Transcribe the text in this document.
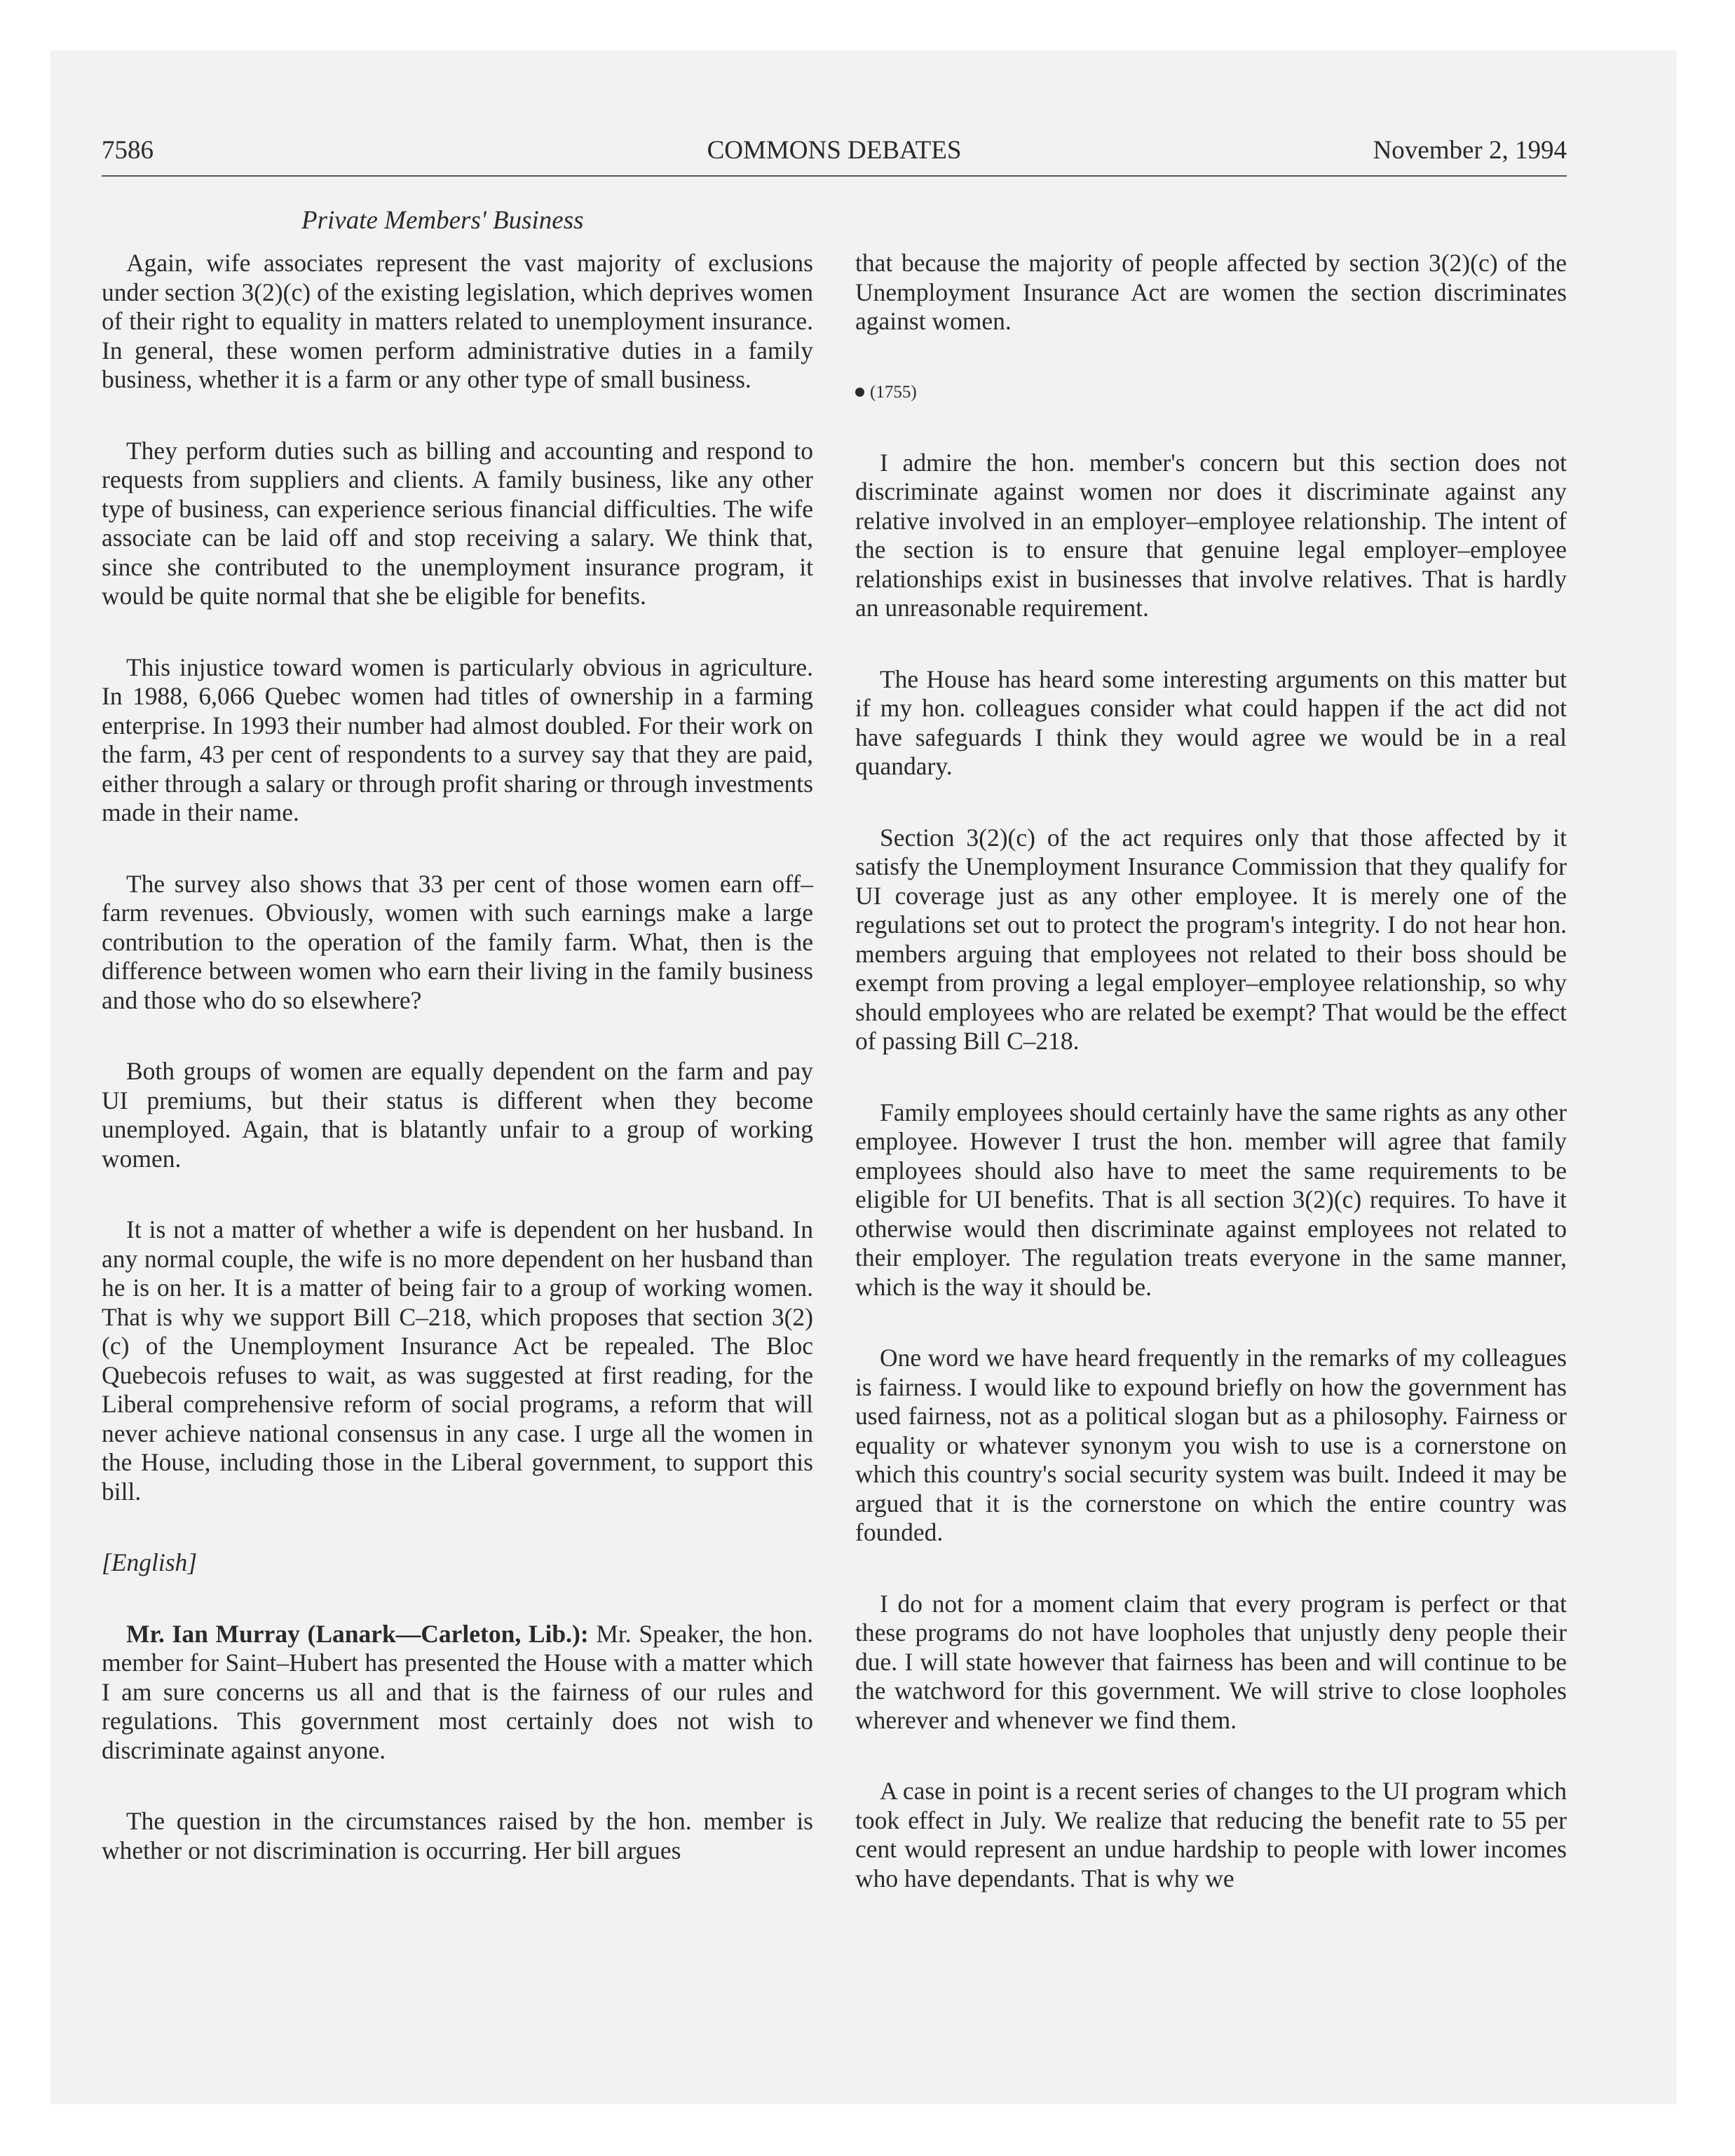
7586	COMMONS DEBATES	November 2, 1994
Private Members' Business

Again, wife associates represent the vast majority of exclusions under section 3(2)(c) of the existing legislation, which deprives women of their right to equality in matters related to unemployment insurance. In general, these women perform administrative duties in a family business, whether it is a farm or any other type of small business.

They perform duties such as billing and accounting and respond to requests from suppliers and clients. A family business, like any other type of business, can experience serious financial difficulties. The wife associate can be laid off and stop receiving a salary. We think that, since she contributed to the unemployment insurance program, it would be quite normal that she be eligible for benefits.

This injustice toward women is particularly obvious in agriculture. In 1988, 6,066 Quebec women had titles of ownership in a farming enterprise. In 1993 their number had almost doubled. For their work on the farm, 43 per cent of respondents to a survey say that they are paid, either through a salary or through profit sharing or through investments made in their name.

The survey also shows that 33 per cent of those women earn off–farm revenues. Obviously, women with such earnings make a large contribution to the operation of the family farm. What, then is the difference between women who earn their living in the family business and those who do so elsewhere?

Both groups of women are equally dependent on the farm and pay UI premiums, but their status is different when they become unemployed. Again, that is blatantly unfair to a group of working women.

It is not a matter of whether a wife is dependent on her husband. In any normal couple, the wife is no more dependent on her husband than he is on her. It is a matter of being fair to a group of working women. That is why we support Bill C–218, which proposes that section 3(2)(c) of the Unemployment Insurance Act be repealed. The Bloc Quebecois refuses to wait, as was suggested at first reading, for the Liberal comprehensive reform of social programs, a reform that will never achieve national consensus in any case. I urge all the women in the House, including those in the Liberal government, to support this bill.

[English]

Mr. Ian Murray (Lanark—Carleton, Lib.): Mr. Speaker, the hon. member for Saint–Hubert has presented the House with a matter which I am sure concerns us all and that is the fairness of our rules and regulations. This government most certainly does not wish to discriminate against anyone.

The question in the circumstances raised by the hon. member is whether or not discrimination is occurring. Her bill argues

that because the majority of people affected by section 3(2)(c) of the Unemployment Insurance Act are women the section discriminates against women.

(1755)

I admire the hon. member's concern but this section does not discriminate against women nor does it discriminate against any relative involved in an employer–employee relationship. The intent of the section is to ensure that genuine legal employer–employee relationships exist in businesses that involve relatives. That is hardly an unreasonable requirement.

The House has heard some interesting arguments on this matter but if my hon. colleagues consider what could happen if the act did not have safeguards I think they would agree we would be in a real quandary.

Section 3(2)(c) of the act requires only that those affected by it satisfy the Unemployment Insurance Commission that they qualify for UI coverage just as any other employee. It is merely one of the regulations set out to protect the program's integrity. I do not hear hon. members arguing that employees not related to their boss should be exempt from proving a legal employer–employee relationship, so why should employees who are related be exempt? That would be the effect of passing Bill C–218.

Family employees should certainly have the same rights as any other employee. However I trust the hon. member will agree that family employees should also have to meet the same requirements to be eligible for UI benefits. That is all section 3(2)(c) requires. To have it otherwise would then discriminate against employees not related to their employer. The regulation treats everyone in the same manner, which is the way it should be.

One word we have heard frequently in the remarks of my colleagues is fairness. I would like to expound briefly on how the government has used fairness, not as a political slogan but as a philosophy. Fairness or equality or whatever synonym you wish to use is a cornerstone on which this country's social security system was built. Indeed it may be argued that it is the cornerstone on which the entire country was founded.

I do not for a moment claim that every program is perfect or that these programs do not have loopholes that unjustly deny people their due. I will state however that fairness has been and will continue to be the watchword for this government. We will strive to close loopholes wherever and whenever we find them.

A case in point is a recent series of changes to the UI program which took effect in July. We realize that reducing the benefit rate to 55 per cent would represent an undue hardship to people with lower incomes who have dependants. That is why we
